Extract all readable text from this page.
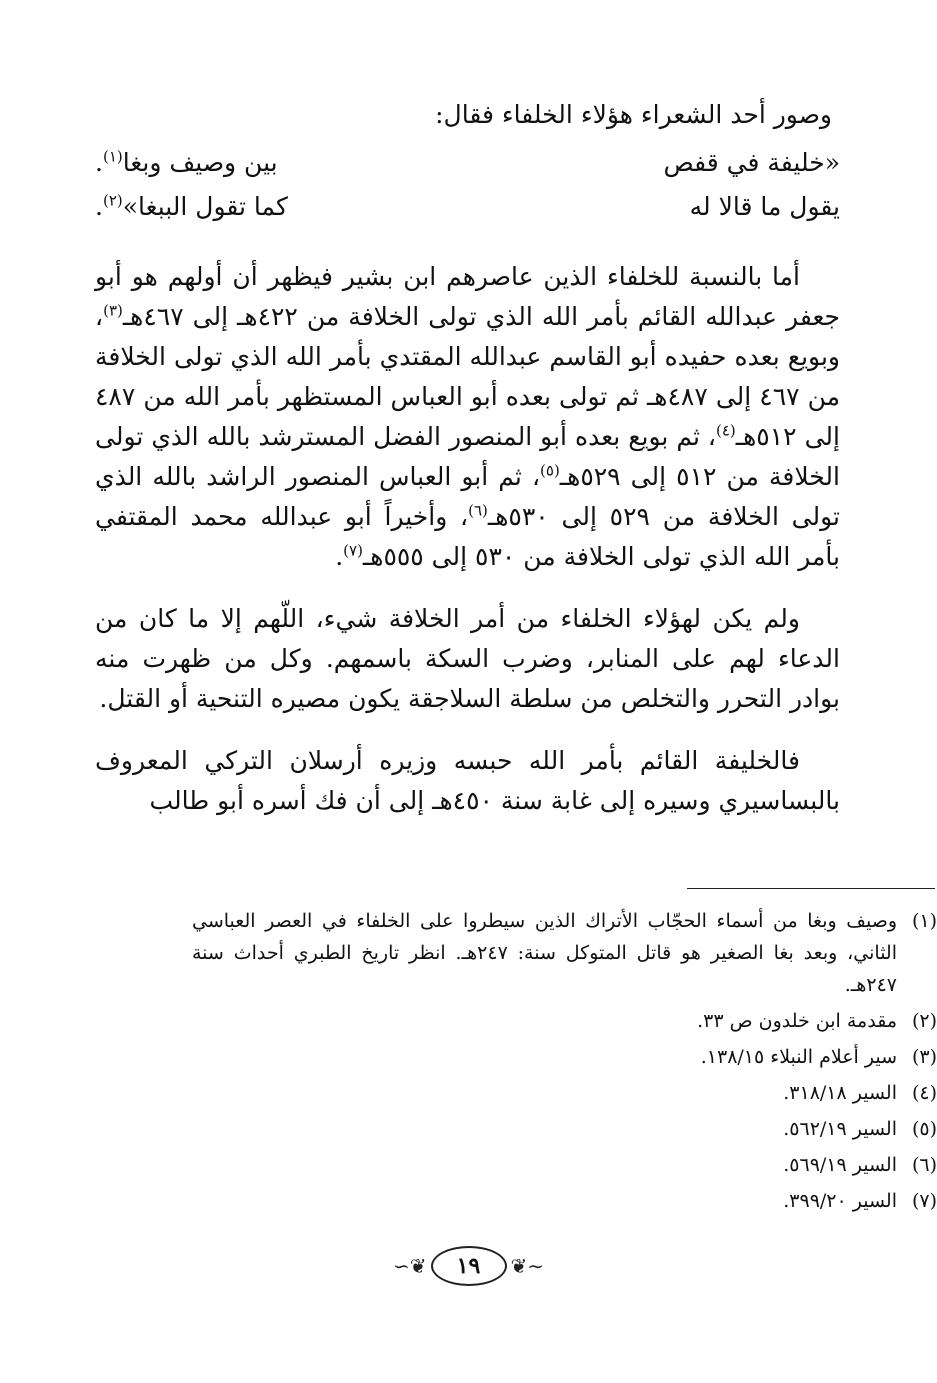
وصور أحد الشعراء هؤلاء الخلفاء فقال:

«خليفة في قفص
بين وصيف وبغا$^{(١)}$.
يقول ما قالا له
كما تقول الببغا»$^{(٢)}$.

أما بالنسبة للخلفاء الذين عاصرهم ابن بشير فيظهر أن أولهم هو أبو جعفر عبدالله القائم بأمر الله الذي تولى الخلافة من ٤٢٢هـ إلى ٤٦٧هـ$^{(٣)}$، وبويع بعده حفيده أبو القاسم عبدالله المقتدي بأمر الله الذي تولى الخلافة من ٤٦٧ إلى ٤٨٧هـ ثم تولى بعده أبو العباس المستظهر بأمر الله من ٤٨٧ إلى ٥١٢هـ$^{(٤)}$، ثم بويع بعده أبو المنصور الفضل المسترشد بالله الذي تولى الخلافة من ٥١٢ إلى ٥٢٩هـ$^{(٥)}$، ثم أبو العباس المنصور الراشد بالله الذي تولى الخلافة من ٥٢٩ إلى ٥٣٠هـ$^{(٦)}$، وأخيراً أبو عبدالله محمد المقتفي بأمر الله الذي تولى الخلافة من ٥٣٠ إلى ٥٥٥هـ$^{(٧)}$.

ولم يكن لهؤلاء الخلفاء من أمر الخلافة شيء، اللّهم إلا ما كان من الدعاء لهم على المنابر، وضرب السكة باسمهم. وكل من ظهرت منه بوادر التحرر والتخلص من سلطة السلاجقة يكون مصيره التنحية أو القتل.

فالخليفة القائم بأمر الله حبسه وزيره أرسلان التركي المعروف بالبساسيري وسيره إلى غابة سنة ٤٥٠هـ إلى أن فك أسره أبو طالب

(١)
وصيف وبغا من أسماء الحجّاب الأتراك الذين سيطروا على الخلفاء في العصر العباسي الثاني، وبعد بغا الصغير هو قاتل المتوكل سنة: ٢٤٧هـ. انظر تاريخ الطبري أحداث سنة ٢٤٧هـ.
(٢)
مقدمة ابن خلدون ص ٣٣.
(٣)
سير أعلام النبلاء ١٣٨/١٥.
(٤)
السير ٣١٨/١٨.
(٥)
السير ٥٦٢/١٩.
(٦)
السير ٥٦٩/١٩.
(٧)
السير ٣٩٩/٢٠.
∽❦	١٩	❦∼
